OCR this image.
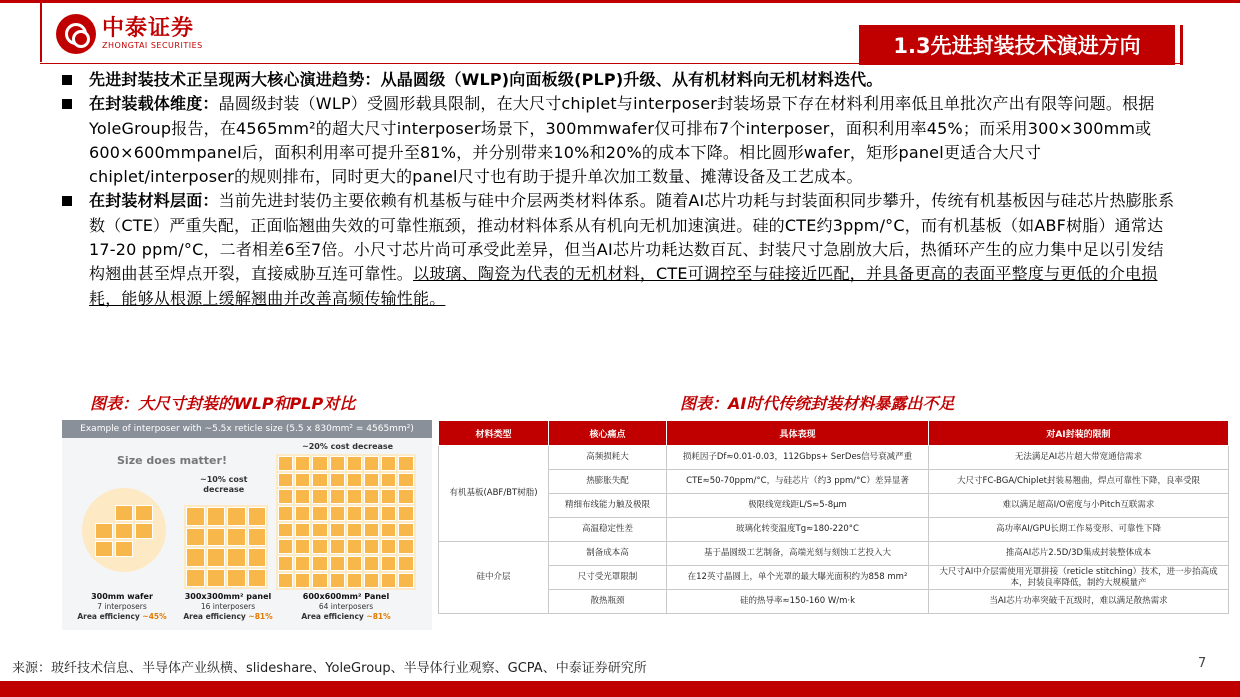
中泰证券
ZHONGTAI SECURITIES	1.3先进封装技术演进方向
先进封装技术正呈现两大核心演进趋势：从晶圆级（WLP)向面板级(PLP)升级、从有机材料向无机材料迭代。
在封装载体维度：晶圆级封装（WLP）受圆形载具限制，在大尺寸chiplet与interposer封装场景下存在材料利用率低且单批次产出有限等问题。根据YoleGroup报告，在4565mm²的超大尺寸interposer场景下，300mmwafer仅可排布7个interposer，面积利用率45%；而采用300×300mm或600×600mmpanel后，面积利用率可提升至81%，并分别带来10%和20%的成本下降。相比圆形wafer，矩形panel更适合大尺寸chiplet/interposer的规则排布，同时更大的panel尺寸也有助于提升单次加工数量、摊薄设备及工艺成本。
在封装材料层面：当前先进封装仍主要依赖有机基板与硅中介层两类材料体系。随着AI芯片功耗与封装面积同步攀升，传统有机基板因与硅芯片热膨胀系数（CTE）严重失配，正面临翘曲失效的可靠性瓶颈，推动材料体系从有机向无机加速演进。硅的CTE约3ppm/°C，而有机基板（如ABF树脂）通常达17-20 ppm/°C，二者相差6至7倍。小尺寸芯片尚可承受此差异，但当AI芯片功耗达数百瓦、封装尺寸急剧放大后，热循环产生的应力集中足以引发结构翘曲甚至焊点开裂，直接威胁互连可靠性。以玻璃、陶瓷为代表的无机材料，CTE可调控至与硅接近匹配，并具备更高的表面平整度与更低的介电损耗，能够从根源上缓解翘曲并改善高频传输性能。
图表：大尺寸封装的WLP和PLP对比	图表：AI时代传统封装材料暴露出不足
Example of interposer with ~5.5x reticle size (5.5 x 830mm² = 4565mm²)
Size does matter!
~10% cost
decrease
~20% cost decrease
300mm wafer
7 interposers
Area efficiency ~45%
300x300mm² panel
16 interposers
Area efficiency ~81%
600x600mm² Panel
64 interposers
Area efficiency ~81%
材料类型	核心痛点	具体表现	对AI封装的限制
有机基板(ABF/BT树脂)	高频损耗大	损耗因子Df≈0.01-0.03，112Gbps+ SerDes信号衰减严重	无法满足AI芯片超大带宽通信需求
	热膨胀失配	CTE≈50-70ppm/°C，与硅芯片（约3 ppm/°C）差异显著	大尺寸FC-BGA/Chiplet封装易翘曲，焊点可靠性下降，良率受限
	精细布线能力触及极限	极限线宽线距L/S≈5-8μm	难以满足超高I/O密度与小Pitch互联需求
	高温稳定性差	玻璃化转变温度Tg≈180-220°C	高功率AI/GPU长期工作易变形、可靠性下降
硅中介层	制备成本高	基于晶圆级工艺制备，高端光刻与刻蚀工艺投入大	推高AI芯片2.5D/3D集成封装整体成本
	尺寸受光罩限制	在12英寸晶圆上，单个光罩的最大曝光面积约为858 mm²	大尺寸AI中介层需使用光罩拼接（reticle stitching）技术，进一步抬高成本，封装良率降低，制约大规模量产
	散热瓶颈	硅的热导率≈150-160 W/m·k	当AI芯片功率突破千瓦级时，难以满足散热需求
来源：玻纤技术信息、半导体产业纵横、slideshare、YoleGroup、半导体行业观察、GCPA、中泰证券研究所	7
